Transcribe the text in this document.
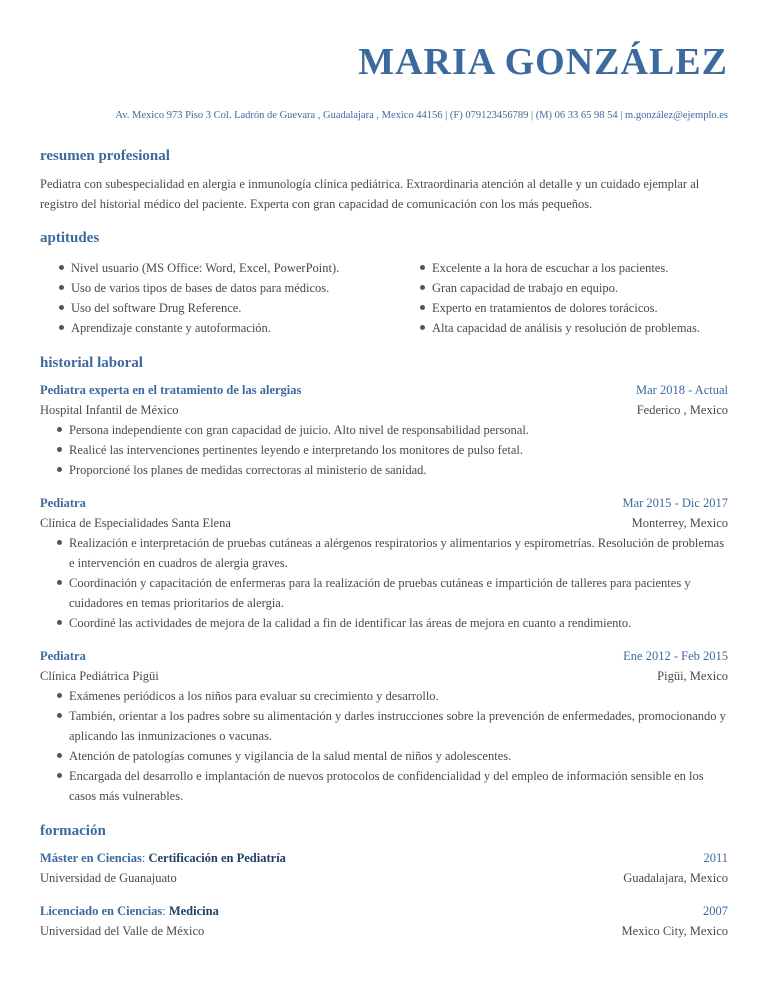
MARIA GONZÁLEZ
Av. Mexico 973 Piso 3 Col. Ladrón de Guevara , Guadalajara , Mexico 44156 | (F) 079123456789 | (M) 06 33 65 98 54 | m.gonzález@ejemplo.es
resumen profesional

Pediatra con subespecialidad en alergia e inmunología clínica pediátrica. Extraordinaria atención al detalle y un cuidado ejemplar al registro del historial médico del paciente. Experta con gran capacidad de comunicación con los más pequeños.

aptitudes
Nivel usuario (MS Office: Word, Excel, PowerPoint).
Uso de varios tipos de bases de datos para médicos.
Uso del software Drug Reference.
Aprendizaje constante y autoformación.
Excelente a la hora de escuchar a los pacientes.
Gran capacidad de trabajo en equipo.
Experto en tratamientos de dolores torácicos.
Alta capacidad de análisis y resolución de problemas.
historial laboral
Pediatra experta en el tratamiento de las alergias	Mar 2018 - Actual
Hospital Infantil de México	Federico , Mexico
Persona independiente con gran capacidad de juicio. Alto nivel de responsabilidad personal.
Realicé las intervenciones pertinentes leyendo e interpretando los monitores de pulso fetal.
Proporcioné los planes de medidas correctoras al ministerio de sanidad.
Pediatra	Mar 2015 - Dic 2017
Clínica de Especialidades Santa Elena	Monterrey, Mexico
Realización e interpretación de pruebas cutáneas a alérgenos respiratorios y alimentarios y espirometrías. Resolución de problemas e intervención en cuadros de alergia graves.
Coordinación y capacitación de enfermeras para la realización de pruebas cutáneas e impartición de talleres para pacientes y cuidadores en temas prioritarios de alergia.
Coordiné las actividades de mejora de la calidad a fin de identificar las áreas de mejora en cuanto a rendimiento.
Pediatra	Ene 2012 - Feb 2015
Clínica Pediátrica Pigüi	Pigüi, Mexico
Exámenes periódicos a los niños para evaluar su crecimiento y desarrollo.
También, orientar a los padres sobre su alimentación y darles instrucciones sobre la prevención de enfermedades, promocionando y aplicando las inmunizaciones o vacunas.
Atención de patologías comunes y vigilancia de la salud mental de niños y adolescentes.
Encargada del desarrollo e implantación de nuevos protocolos de confidencialidad y del empleo de información sensible en los casos más vulnerables.
formación
Máster en Ciencias: Certificación en Pediatría	2011
Universidad de Guanajuato	Guadalajara, Mexico
Licenciado en Ciencias: Medicina	2007
Universidad del Valle de México	Mexico City, Mexico
